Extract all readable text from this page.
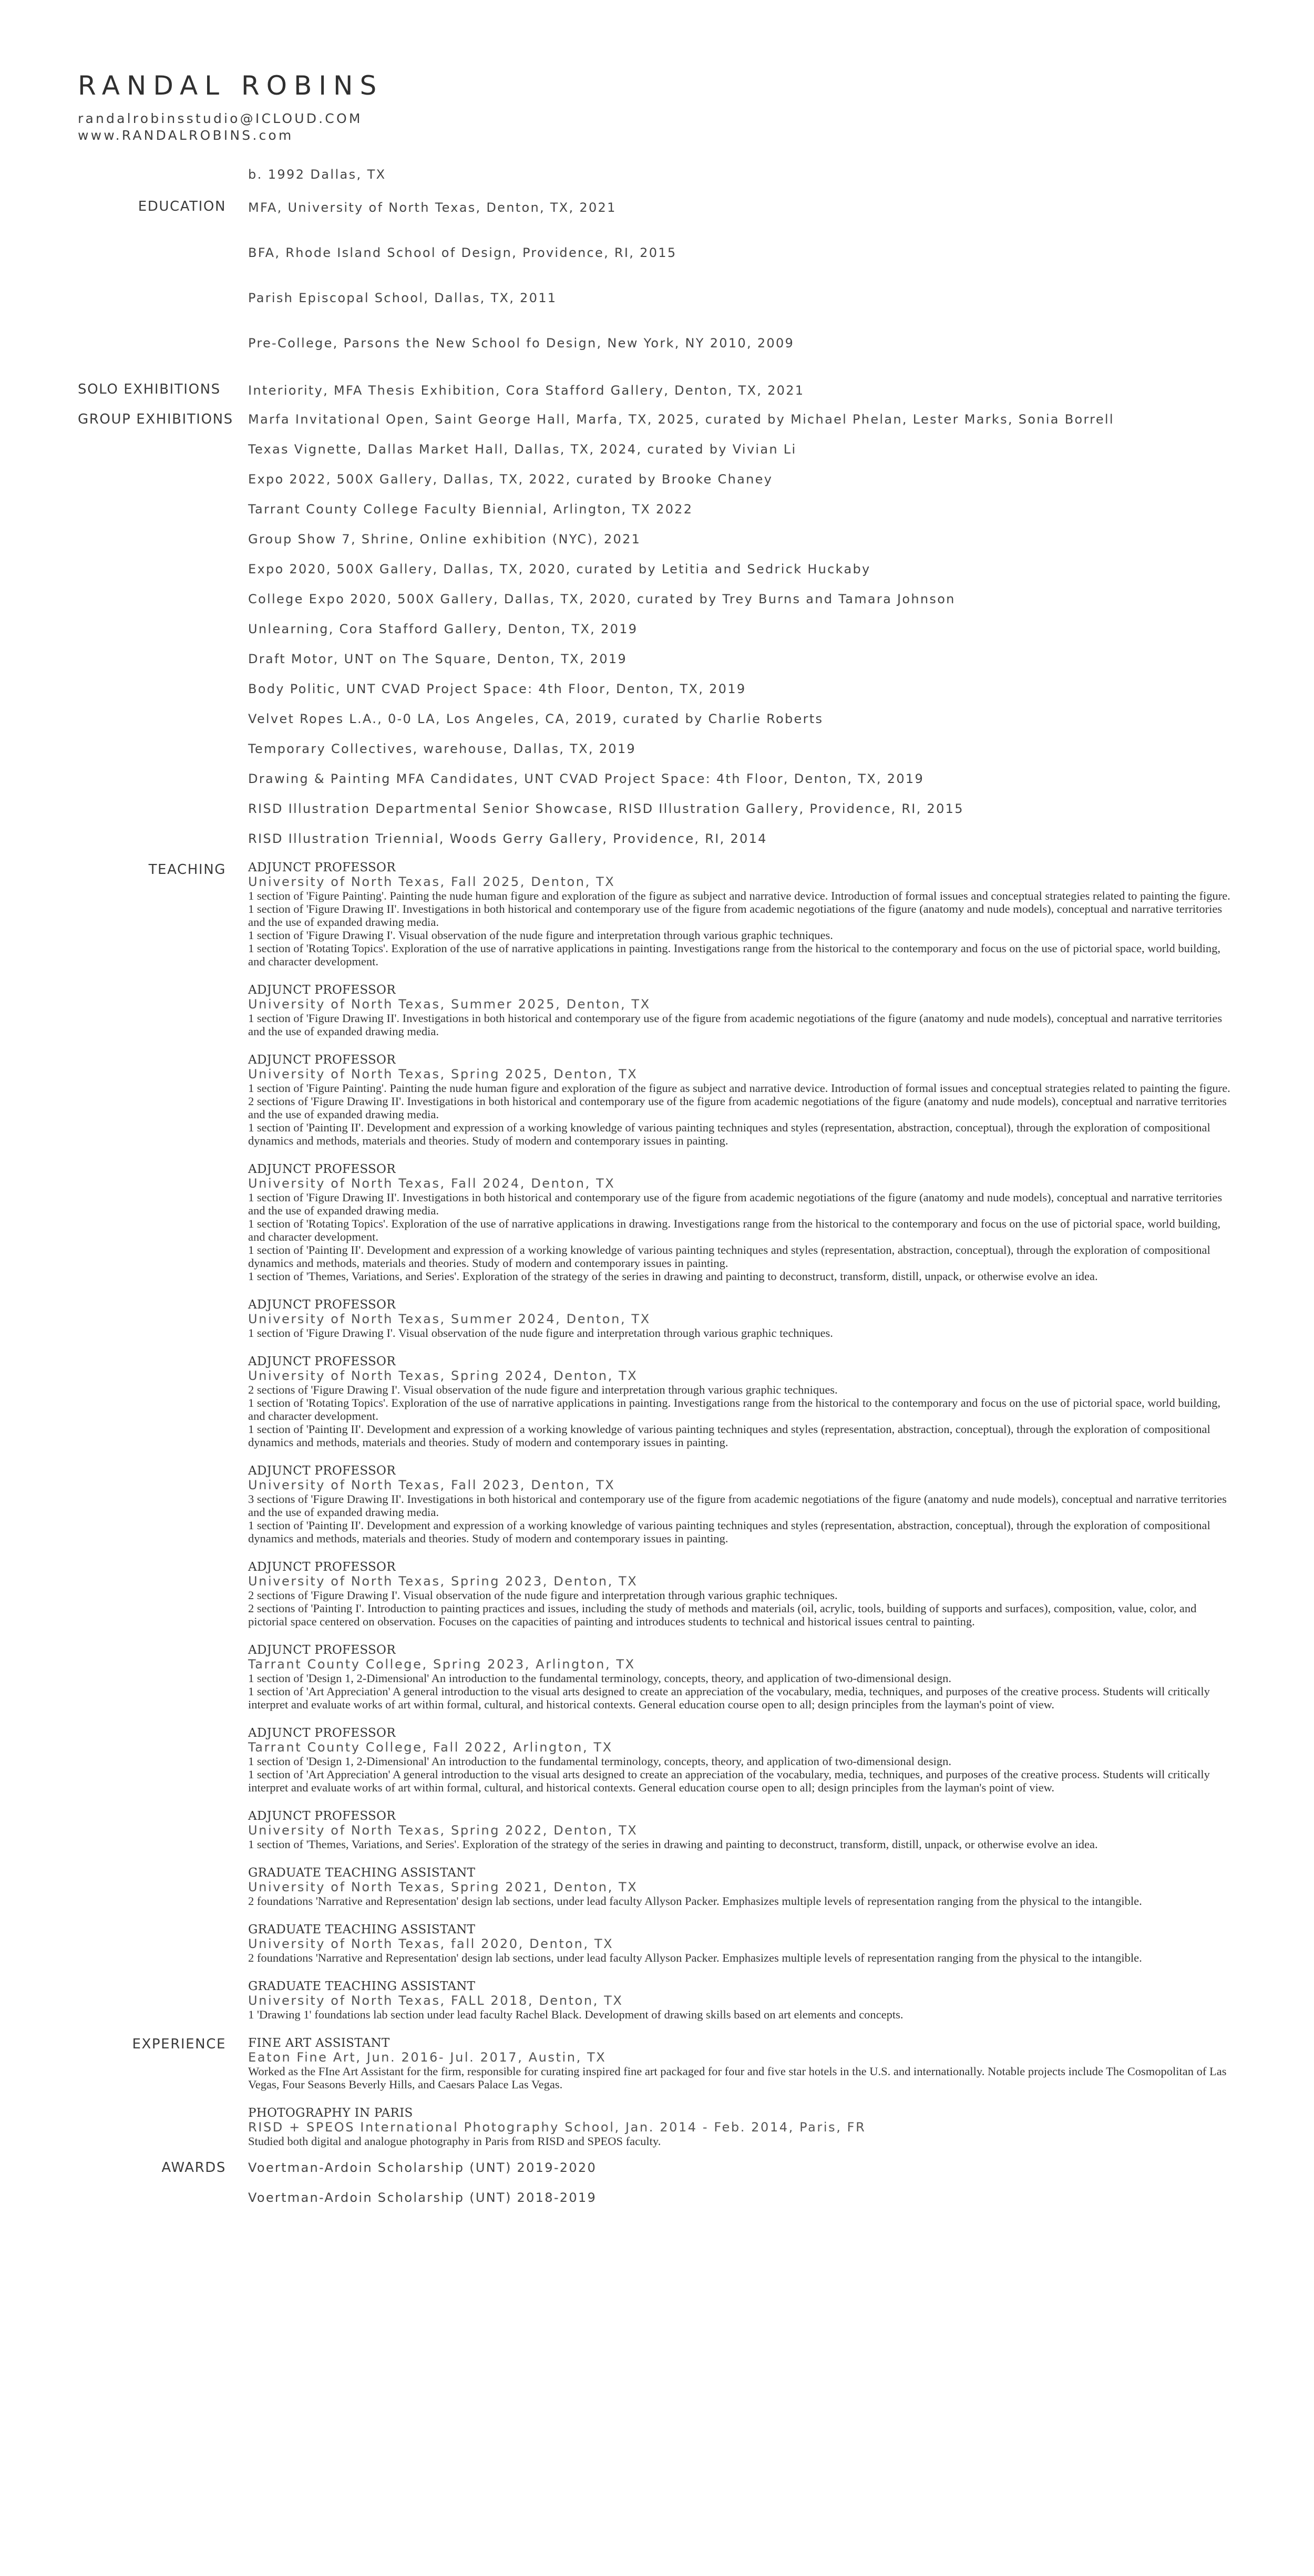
RANDAL ROBINS
randalrobinsstudio@ICLOUD.COM
www.RANDALROBINS.com
b. 1992 Dallas, TX
EDUCATION MFA, University of North Texas, Denton, TX, 2021
BFA, Rhode Island School of Design, Providence, RI, 2015
Parish Episcopal School, Dallas, TX, 2011
Pre-College, Parsons the New School fo Design, New York, NY 2010, 2009
SOLO EXHIBITIONS	Interiority, MFA Thesis Exhibition, Cora Stafford Gallery, Denton, TX, 2021
GROUP EXHIBITIONS	Marfa Invitational Open, Saint George Hall, Marfa, TX, 2025, curated by Michael Phelan, Lester Marks, Sonia Borrell
Texas Vignette, Dallas Market Hall, Dallas, TX, 2024, curated by Vivian Li
Expo 2022, 500X Gallery, Dallas, TX, 2022, curated by Brooke Chaney
Tarrant County College Faculty Biennial, Arlington, TX 2022
Group Show 7, Shrine, Online exhibition (NYC), 2021
Expo 2020, 500X Gallery, Dallas, TX, 2020, curated by Letitia and Sedrick Huckaby
College Expo 2020, 500X Gallery, Dallas, TX, 2020, curated by Trey Burns and Tamara Johnson
Unlearning, Cora Stafford Gallery, Denton, TX, 2019
Draft Motor, UNT on The Square, Denton, TX, 2019
Body Politic, UNT CVAD Project Space: 4th Floor, Denton, TX, 2019
Velvet Ropes L.A., 0-0 LA, Los Angeles, CA, 2019, curated by Charlie Roberts
Temporary Collectives, warehouse, Dallas, TX, 2019
Drawing & Painting MFA Candidates, UNT CVAD Project Space: 4th Floor, Denton, TX, 2019
RISD Illustration Departmental Senior Showcase, RISD Illustration Gallery, Providence, RI, 2015
RISD Illustration Triennial, Woods Gerry Gallery, Providence, RI, 2014
TEACHING ADJUNCT PROFESSOR
University of North Texas, Fall 2025, Denton, TX

1 section of 'Figure Painting'. Painting the nude human figure and exploration of the figure as subject and narrative device. Introduction of formal issues and conceptual strategies related to painting the figure.

1 section of 'Figure Drawing II'. Investigations in both historical and contemporary use of the figure from academic negotiations of the figure (anatomy and nude models), conceptual and narrative territories and the use of expanded drawing media.

1 section of 'Figure Drawing I'. Visual observation of the nude figure and interpretation through various graphic techniques.

1 section of 'Rotating Topics'. Exploration of the use of narrative applications in painting. Investigations range from the historical to the contemporary and focus on the use of pictorial space, world building, and character development.

ADJUNCT PROFESSOR
University of North Texas, Summer 2025, Denton, TX

1 section of 'Figure Drawing II'. Investigations in both historical and contemporary use of the figure from academic negotiations of the figure (anatomy and nude models), conceptual and narrative territories and the use of expanded drawing media.

ADJUNCT PROFESSOR
University of North Texas, Spring 2025, Denton, TX

1 section of 'Figure Painting'. Painting the nude human figure and exploration of the figure as subject and narrative device. Introduction of formal issues and conceptual strategies related to painting the figure.

2 sections of 'Figure Drawing II'. Investigations in both historical and contemporary use of the figure from academic negotiations of the figure (anatomy and nude models), conceptual and narrative territories and the use of expanded drawing media.

1 section of 'Painting II'. Development and expression of a working knowledge of various painting techniques and styles (representation, abstraction, conceptual), through the exploration of compositional dynamics and methods, materials and theories. Study of modern and contemporary issues in painting.

ADJUNCT PROFESSOR
University of North Texas, Fall 2024, Denton, TX

1 section of 'Figure Drawing II'. Investigations in both historical and contemporary use of the figure from academic negotiations of the figure (anatomy and nude models), conceptual and narrative territories and the use of expanded drawing media.

1 section of 'Rotating Topics'. Exploration of the use of narrative applications in drawing. Investigations range from the historical to the contemporary and focus on the use of pictorial space, world building, and character development.

1 section of 'Painting II'. Development and expression of a working knowledge of various painting techniques and styles (representation, abstraction, conceptual), through the exploration of compositional dynamics and methods, materials and theories. Study of modern and contemporary issues in painting.

1 section of 'Themes, Variations, and Series'. Exploration of the strategy of the series in drawing and painting to deconstruct, transform, distill, unpack, or otherwise evolve an idea.

ADJUNCT PROFESSOR
University of North Texas, Summer 2024, Denton, TX

1 section of 'Figure Drawing I'. Visual observation of the nude figure and interpretation through various graphic techniques.

ADJUNCT PROFESSOR
University of North Texas, Spring 2024, Denton, TX

2 sections of 'Figure Drawing I'. Visual observation of the nude figure and interpretation through various graphic techniques.

1 section of 'Rotating Topics'. Exploration of the use of narrative applications in painting. Investigations range from the historical to the contemporary and focus on the use of pictorial space, world building, and character development.

1 section of 'Painting II'. Development and expression of a working knowledge of various painting techniques and styles (representation, abstraction, conceptual), through the exploration of compositional dynamics and methods, materials and theories. Study of modern and contemporary issues in painting.

ADJUNCT PROFESSOR
University of North Texas, Fall 2023, Denton, TX

3 sections of 'Figure Drawing II'. Investigations in both historical and contemporary use of the figure from academic negotiations of the figure (anatomy and nude models), conceptual and narrative territories and the use of expanded drawing media.

1 section of 'Painting II'. Development and expression of a working knowledge of various painting techniques and styles (representation, abstraction, conceptual), through the exploration of compositional dynamics and methods, materials and theories. Study of modern and contemporary issues in painting.

ADJUNCT PROFESSOR
University of North Texas, Spring 2023, Denton, TX

2 sections of 'Figure Drawing I'. Visual observation of the nude figure and interpretation through various graphic techniques.

2 sections of 'Painting I'. Introduction to painting practices and issues, including the study of methods and materials (oil, acrylic, tools, building of supports and surfaces), composition, value, color, and pictorial space centered on observation. Focuses on the capacities of painting and introduces students to technical and historical issues central to painting.

ADJUNCT PROFESSOR
Tarrant County College, Spring 2023, Arlington, TX

1 section of 'Design 1, 2-Dimensional' An introduction to the fundamental terminology, concepts, theory, and application of two-dimensional design.

1 section of 'Art Appreciation' A general introduction to the visual arts designed to create an appreciation of the vocabulary, media, techniques, and purposes of the creative process. Students will critically interpret and evaluate works of art within formal, cultural, and historical contexts. General education course open to all; design principles from the layman's point of view.

ADJUNCT PROFESSOR
Tarrant County College, Fall 2022, Arlington, TX

1 section of 'Design 1, 2-Dimensional' An introduction to the fundamental terminology, concepts, theory, and application of two-dimensional design.

1 section of 'Art Appreciation' A general introduction to the visual arts designed to create an appreciation of the vocabulary, media, techniques, and purposes of the creative process. Students will critically interpret and evaluate works of art within formal, cultural, and historical contexts. General education course open to all; design principles from the layman's point of view.

ADJUNCT PROFESSOR
University of North Texas, Spring 2022, Denton, TX

1 section of 'Themes, Variations, and Series'. Exploration of the strategy of the series in drawing and painting to deconstruct, transform, distill, unpack, or otherwise evolve an idea.

GRADUATE TEACHING ASSISTANT
University of North Texas, Spring 2021, Denton, TX

2 foundations 'Narrative and Representation' design lab sections, under lead faculty Allyson Packer. Emphasizes multiple levels of representation ranging from the physical to the intangible.

GRADUATE TEACHING ASSISTANT
University of North Texas, fall 2020, Denton, TX

2 foundations 'Narrative and Representation' design lab sections, under lead faculty Allyson Packer. Emphasizes multiple levels of representation ranging from the physical to the intangible.

GRADUATE TEACHING ASSISTANT
University of North Texas, FALL 2018, Denton, TX

1 'Drawing 1' foundations lab section under lead faculty Rachel Black. Development of drawing skills based on art elements and concepts.

EXPERIENCE FINE ART ASSISTANT
Eaton Fine Art, Jun. 2016- Jul. 2017, Austin, TX

Worked as the FIne Art Assistant for the firm, responsible for curating inspired fine art packaged for four and five star hotels in the U.S. and internationally. Notable projects include The Cosmopolitan of Las Vegas, Four Seasons Beverly Hills, and Caesars Palace Las Vegas.

PHOTOGRAPHY IN PARIS
RISD + SPEOS International Photography School, Jan. 2014 - Feb. 2014, Paris, FR

Studied both digital and analogue photography in Paris from RISD and SPEOS faculty.

AWARDS Voertman-Ardoin Scholarship (UNT) 2019-2020
Voertman-Ardoin Scholarship (UNT) 2018-2019
